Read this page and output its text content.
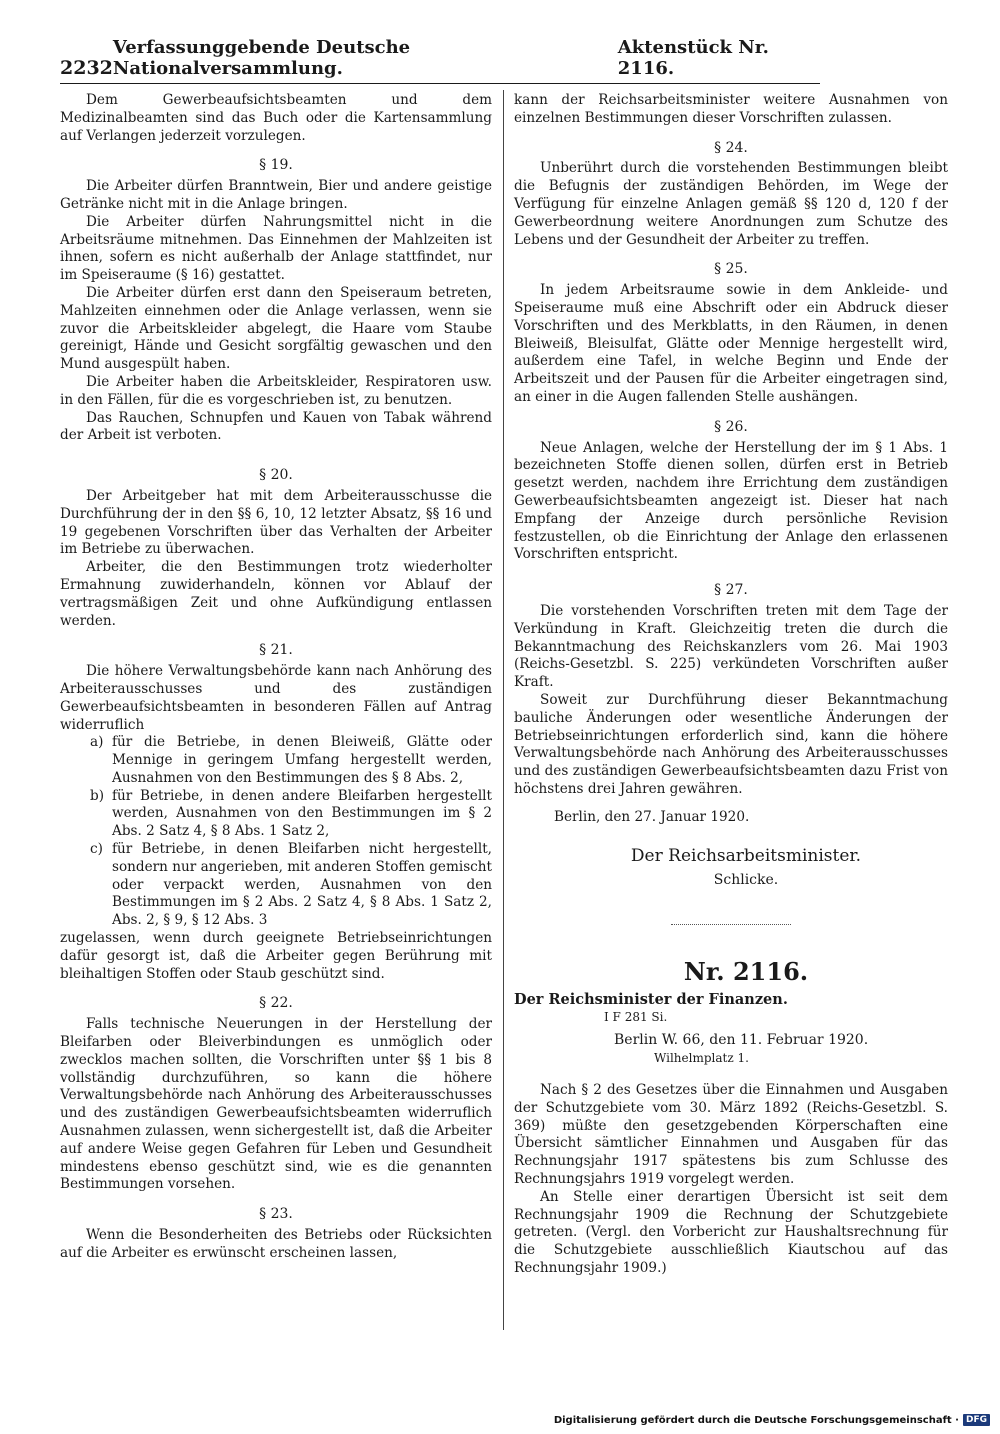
2232
Verfassunggebende Deutsche Nationalversammlung.
Aktenstück Nr. 2116.

Dem Gewerbeaufsichtsbeamten und dem Medizinalbeamten sind das Buch oder die Kartensammlung auf Verlangen jederzeit vorzulegen.

§ 19.

Die Arbeiter dürfen Branntwein, Bier und andere geistige Getränke nicht mit in die Anlage bringen.

Die Arbeiter dürfen Nahrungsmittel nicht in die Arbeitsräume mitnehmen. Das Einnehmen der Mahlzeiten ist ihnen, sofern es nicht außerhalb der Anlage stattfindet, nur im Speiseraume (§ 16) gestattet.

Die Arbeiter dürfen erst dann den Speiseraum betreten, Mahlzeiten einnehmen oder die Anlage verlassen, wenn sie zuvor die Arbeitskleider abgelegt, die Haare vom Staube gereinigt, Hände und Gesicht sorgfältig gewaschen und den Mund ausgespült haben.

Die Arbeiter haben die Arbeitskleider, Respiratoren usw. in den Fällen, für die es vorgeschrieben ist, zu benutzen.

Das Rauchen, Schnupfen und Kauen von Tabak während der Arbeit ist verboten.

§ 20.

Der Arbeitgeber hat mit dem Arbeiterausschusse die Durchführung der in den §§ 6, 10, 12 letzter Absatz, §§ 16 und 19 gegebenen Vorschriften über das Verhalten der Arbeiter im Betriebe zu überwachen.

Arbeiter, die den Bestimmungen trotz wiederholter Ermahnung zuwiderhandeln, können vor Ablauf der vertragsmäßigen Zeit und ohne Aufkündigung entlassen werden.

§ 21.

Die höhere Verwaltungsbehörde kann nach Anhörung des Arbeiterausschusses und des zuständigen Gewerbeaufsichtsbeamten in besonderen Fällen auf Antrag widerruflich

a) für die Betriebe, in denen Bleiweiß, Glätte oder Mennige in geringem Umfang hergestellt werden, Ausnahmen von den Bestimmungen des § 8 Abs. 2,
b) für Betriebe, in denen andere Bleifarben hergestellt werden, Ausnahmen von den Bestimmungen im § 2 Abs. 2 Satz 4, § 8 Abs. 1 Satz 2,
c) für Betriebe, in denen Bleifarben nicht hergestellt, sondern nur angerieben, mit anderen Stoffen gemischt oder verpackt werden, Ausnahmen von den Bestimmungen im § 2 Abs. 2 Satz 4, § 8 Abs. 1 Satz 2, Abs. 2, § 9, § 12 Abs. 3

zugelassen, wenn durch geeignete Betriebseinrichtungen dafür gesorgt ist, daß die Arbeiter gegen Berührung mit bleihaltigen Stoffen oder Staub geschützt sind.

§ 22.

Falls technische Neuerungen in der Herstellung der Bleifarben oder Bleiverbindungen es unmöglich oder zwecklos machen sollten, die Vorschriften unter §§ 1 bis 8 vollständig durchzuführen, so kann die höhere Verwaltungsbehörde nach Anhörung des Arbeiterausschusses und des zuständigen Gewerbeaufsichtsbeamten widerruflich Ausnahmen zulassen, wenn sichergestellt ist, daß die Arbeiter auf andere Weise gegen Gefahren für Leben und Gesundheit mindestens ebenso geschützt sind, wie es die genannten Bestimmungen vorsehen.

§ 23.

Wenn die Besonderheiten des Betriebs oder Rücksichten auf die Arbeiter es erwünscht erscheinen lassen,

kann der Reichsarbeitsminister weitere Ausnahmen von einzelnen Bestimmungen dieser Vorschriften zulassen.

§ 24.

Unberührt durch die vorstehenden Bestimmungen bleibt die Befugnis der zuständigen Behörden, im Wege der Verfügung für einzelne Anlagen gemäß §§ 120 d, 120 f der Gewerbeordnung weitere Anordnungen zum Schutze des Lebens und der Gesundheit der Arbeiter zu treffen.

§ 25.

In jedem Arbeitsraume sowie in dem Ankleide- und Speiseraume muß eine Abschrift oder ein Abdruck dieser Vorschriften und des Merkblatts, in den Räumen, in denen Bleiweiß, Bleisulfat, Glätte oder Mennige hergestellt wird, außerdem eine Tafel, in welche Beginn und Ende der Arbeitszeit und der Pausen für die Arbeiter eingetragen sind, an einer in die Augen fallenden Stelle aushängen.

§ 26.

Neue Anlagen, welche der Herstellung der im § 1 Abs. 1 bezeichneten Stoffe dienen sollen, dürfen erst in Betrieb gesetzt werden, nachdem ihre Errichtung dem zuständigen Gewerbeaufsichtsbeamten angezeigt ist. Dieser hat nach Empfang der Anzeige durch persönliche Revision festzustellen, ob die Einrichtung der Anlage den erlassenen Vorschriften entspricht.

§ 27.

Die vorstehenden Vorschriften treten mit dem Tage der Verkündung in Kraft. Gleichzeitig treten die durch die Bekanntmachung des Reichskanzlers vom 26. Mai 1903 (Reichs-Gesetzbl. S. 225) verkündeten Vorschriften außer Kraft.

Soweit zur Durchführung dieser Bekanntmachung bauliche Änderungen oder wesentliche Änderungen der Betriebseinrichtungen erforderlich sind, kann die höhere Verwaltungsbehörde nach Anhörung des Arbeiterausschusses und des zuständigen Gewerbeaufsichtsbeamten dazu Frist von höchstens drei Jahren gewähren.

Berlin, den 27. Januar 1920.

Der Reichsarbeitsminister.
Schlicke.
Nr. 2116.
Der Reichsminister der Finanzen.
I F 281 Si.
Berlin W. 66, den 11. Februar 1920.
Wilhelmplatz 1.

Nach § 2 des Gesetzes über die Einnahmen und Ausgaben der Schutzgebiete vom 30. März 1892 (Reichs-Gesetzbl. S. 369) müßte den gesetzgebenden Körperschaften eine Übersicht sämtlicher Einnahmen und Ausgaben für das Rechnungsjahr 1917 spätestens bis zum Schlusse des Rechnungsjahrs 1919 vorgelegt werden.

An Stelle einer derartigen Übersicht ist seit dem Rechnungsjahr 1909 die Rechnung der Schutzgebiete getreten. (Vergl. den Vorbericht zur Haushaltsrechnung für die Schutzgebiete ausschließlich Kiautschou auf das Rechnungsjahr 1909.)

Digitalisierung gefördert durch die Deutsche Forschungsgemeinschaft · DFG
